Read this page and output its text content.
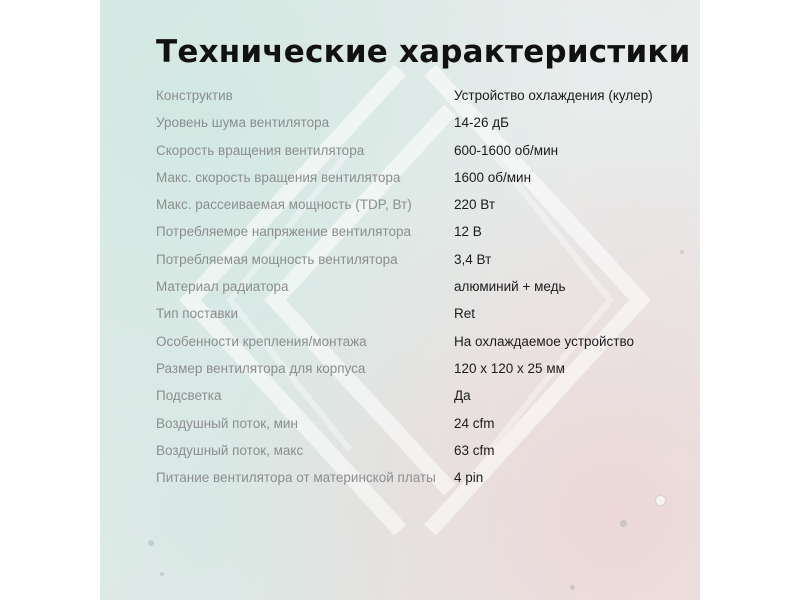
Технические характеристики
Конструктив	Устройство охлаждения (кулер)
Уровень шума вентилятора	14-26 дБ
Скорость вращения вентилятора	600-1600 об/мин
Макс. скорость вращения вентилятора	1600 об/мин
Макс. рассеиваемая мощность (TDP, Вт)	220 Вт
Потребляемое напряжение вентилятора	12 В
Потребляемая мощность вентилятора	3,4 Вт
Материал радиатора	алюминий + медь
Тип поставки	Ret
Особенности крепления/монтажа	На охлаждаемое устройство
Размер вентилятора для корпуса	120 x 120 x 25 мм
Подсветка	Да
Воздушный поток, мин	24 cfm
Воздушный поток, макс	63 cfm
Питание вентилятора от материнской платы	4 pin
